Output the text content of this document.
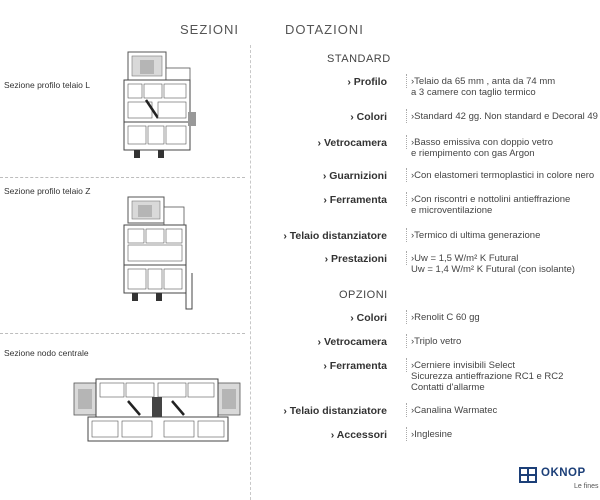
SEZIONI	DOTAZIONI
Sezione profilo telaio L
Sezione profilo telaio Z
Sezione nodo centrale
STANDARD
› Profilo	›Telaio da 65 mm , anta da 74 mm
a 3 camere con taglio termico
› Colori	›Standard 42 gg. Non standard e Decoral 49
› Vetrocamera	›Basso emissiva con doppio vetro
e riempimento con gas Argon
› Guarnizioni	›Con elastomeri termoplastici in colore nero
› Ferramenta	›Con riscontri e nottolini antieffrazione
e microventilazione
› Telaio distanziatore	›Termico di ultima generazione
› Prestazioni	›Uw = 1,5 W/m² K Futural
Uw = 1,4 W/m² K Futural (con isolante)
OPZIONI
› Colori	›Renolit C 60 gg
› Vetrocamera	›Triplo vetro
› Ferramenta	›Cerniere invisibili Select
Sicurezza antieffrazione RC1 e RC2
Contatti d'allarme
› Telaio distanziatore	›Canalina Warmatec
› Accessori	›Inglesine
OKNOP
Le fines
